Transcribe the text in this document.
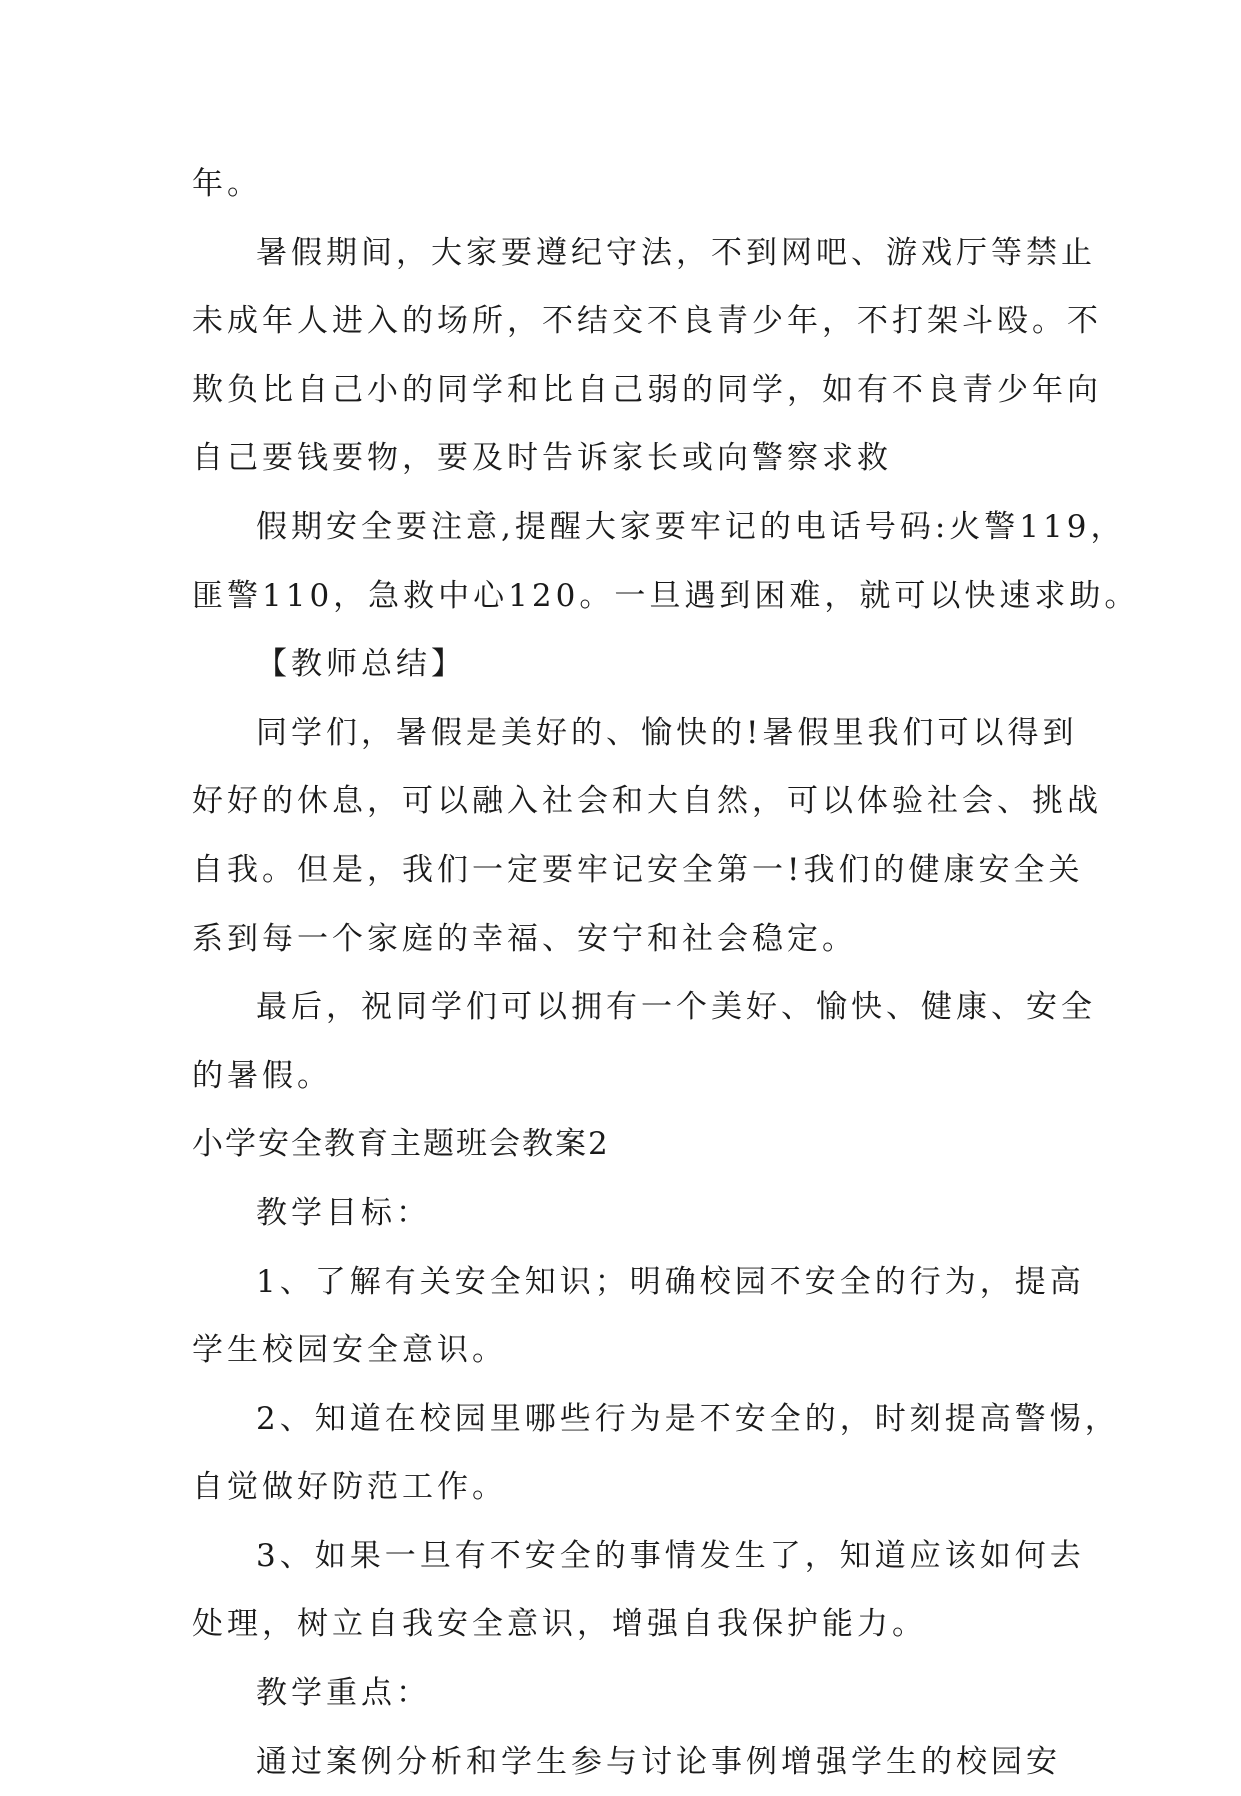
年。
暑假期间，大家要遵纪守法，不到网吧、游戏厅等禁止
未成年人进入的场所，不结交不良青少年，不打架斗殴。不
欺负比自己小的同学和比自己弱的同学，如有不良青少年向
自己要钱要物，要及时告诉家长或向警察求救
假期安全要注意,提醒大家要牢记的电话号码:火警119，
匪警110，急救中心120。一旦遇到困难，就可以快速求助。
【教师总结】
同学们，暑假是美好的、愉快的!暑假里我们可以得到
好好的休息，可以融入社会和大自然，可以体验社会、挑战
自我。但是，我们一定要牢记安全第一!我们的健康安全关
系到每一个家庭的幸福、安宁和社会稳定。
最后，祝同学们可以拥有一个美好、愉快、健康、安全
的暑假。
小学安全教育主题班会教案2
教学目标：
1、了解有关安全知识；明确校园不安全的行为，提高
学生校园安全意识。
2、知道在校园里哪些行为是不安全的，时刻提高警惕，
自觉做好防范工作。
3、如果一旦有不安全的事情发生了，知道应该如何去
处理，树立自我安全意识，增强自我保护能力。
教学重点：
通过案例分析和学生参与讨论事例增强学生的校园安
